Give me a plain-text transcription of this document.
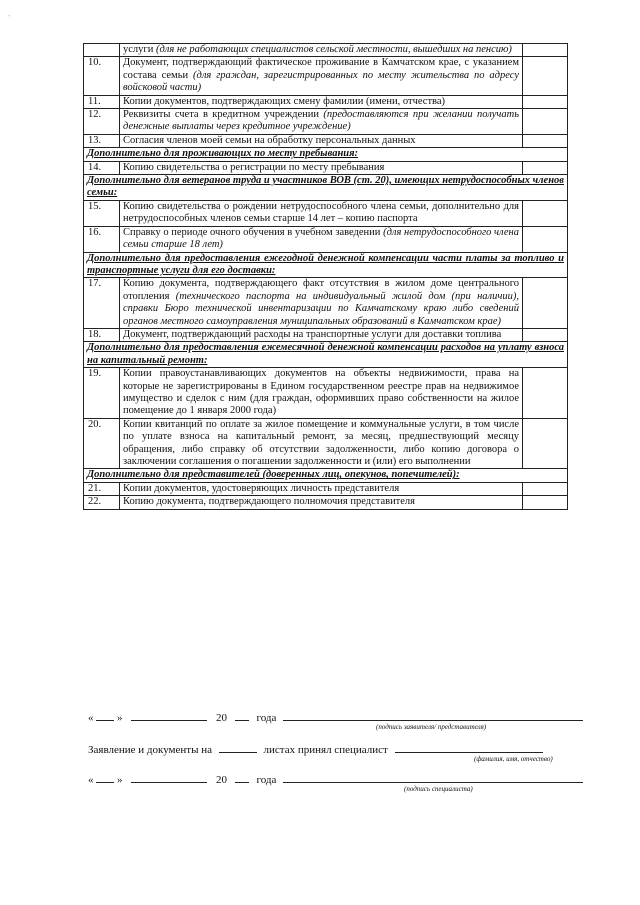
`
	услуги (для не работающих специалистов сельской местности, вышедших на пенсию)	
10.	Документ, подтверждающий фактическое проживание в Камчатском крае, с указанием состава семьи (для граждан, зарегистрированных по месту жительства по адресу войсковой части)	
11.	Копии документов, подтверждающих смену фамилии (имени, отчества)	
12.	Реквизиты счета в кредитном учреждении (предоставляются при желании получать денежные выплаты через кредитное учреждение)	
13.	Согласия членов моей семьи на обработку персональных данных	
Дополнительно для проживающих по месту пребывания:		
14.	Копию свидетельства о регистрации по месту пребывания	
Дополнительно для ветеранов труда и участников ВОВ (ст. 20), имеющих нетрудоспособных членов семьи:		
15.	Копию свидетельства о рождении нетрудоспособного члена семьи, дополнительно для нетрудоспособных членов семьи старше 14 лет – копию паспорта	
16.	Справку о периоде очного обучения в учебном заведении (для нетрудоспособного члена семьи старше 18 лет)	
Дополнительно для предоставления ежегодной денежной компенсации части платы за топливо и транспортные услуги для его доставки:		
17.	Копию документа, подтверждающего факт отсутствия в жилом доме центрального отопления (технического паспорта на индивидуальный жилой дом (при наличии), справки Бюро технической инвентаризации по Камчатскому краю либо сведений органов местного самоуправления муниципальных образований в Камчатском крае)	
18.	Документ, подтверждающий расходы на транспортные услуги для доставки топлива	
Дополнительно для предоставления ежемесячной денежной компенсации расходов на уплату взноса на капитальный ремонт:		
19.	Копии правоустанавливающих документов на объекты недвижимости, права на которые не зарегистрированы в Едином государственном реестре прав на недвижимое имущество и сделок с ним (для граждан, оформивших право собственности на жилое помещение до 1 января 2000 года)	
20.	Копии квитанций по оплате за жилое помещение и коммунальные услуги, в том числе по уплате взноса на капитальный ремонт, за месяц, предшествующий месяцу обращения, либо справку об отсутствии задолженности, либо копию договора о заключении соглашения о погашении задолженности и (или) его выполнении	
Дополнительно для представителей (доверенных лиц, опекунов, попечителей):		
21.	Копии документов, удостоверяющих личность представителя	
22.	Копию документа, подтверждающего полномочия представителя	
« »	20	года
(подпись заявителя/ представителя)
Заявление и документы на	листах принял специалист
(фамилия, имя, отчество)
« »	20	года
(подпись специалиста)
